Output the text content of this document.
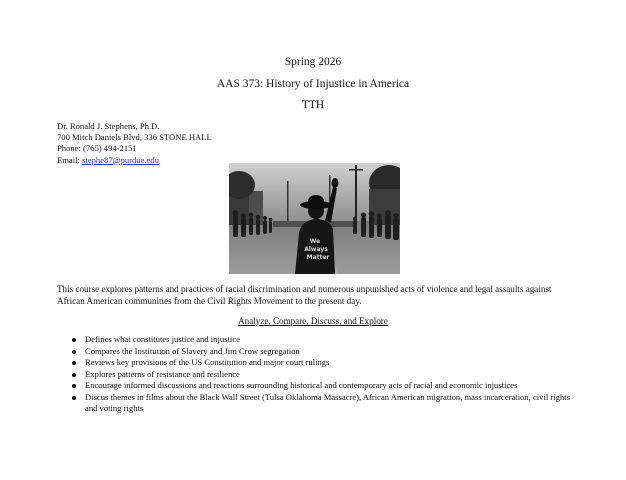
Spring 2026
AAS 373: History of Injustice in America
TTH
Dr. Ronald J. Stephens, Ph.D.
700 Mitch Daniels Blvd, 336 STONE HALL
Phone: (765) 494-2151
Email: stephe87@purdue.edu
We
Always
Matter
This course explores patterns and practices of racial discrimination and numerous unpunished acts of violence and legal assaults against African American communities from the Civil Rights Movement to the present day.
Analyze, Compare, Discuss, and Explore
Defines what constitutes justice and injustice
Compares the Institution of Slavery and Jim Crow segregation
Reviews key provisions of the US Constitution and major court rulings
Explores patterns of resistance and resilience
Encourage informed discussions and reactions surrounding historical and contemporary acts of racial and economic injustices
Discus themes in films about the Black Wall Street (Tulsa Oklahoma Massacre), African American migration, mass incarceration, civil rights and voting rights
